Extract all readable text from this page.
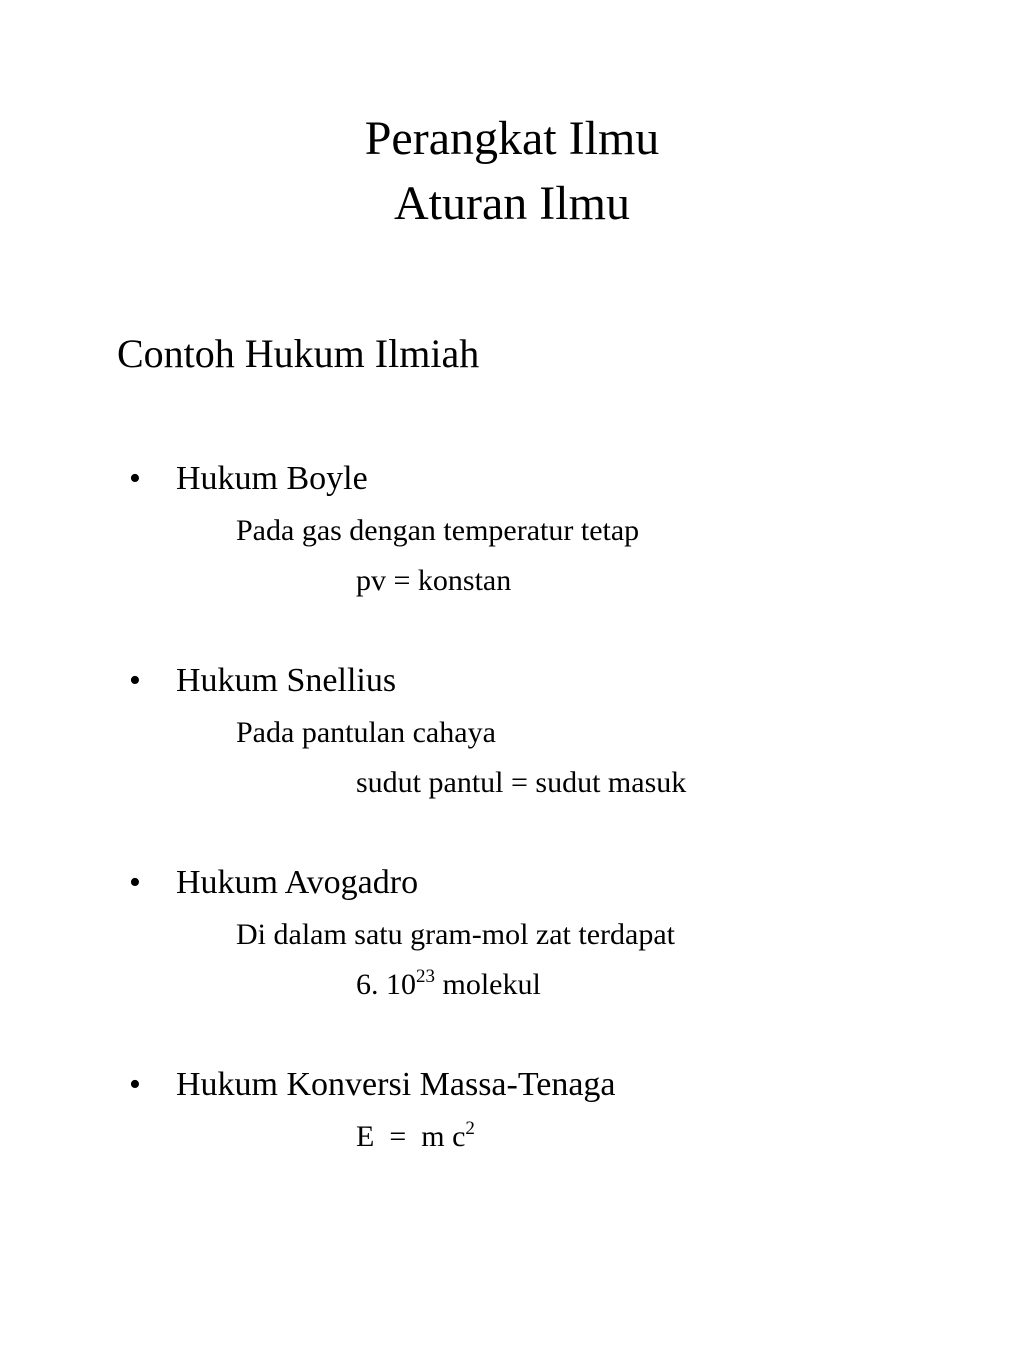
Perangkat Ilmu
Aturan Ilmu
Contoh Hukum Ilmiah
• Hukum Boyle
Pada gas dengan temperatur tetap
pv = konstan
• Hukum Snellius
Pada pantulan cahaya
sudut pantul = sudut masuk
• Hukum Avogadro
Di dalam satu gram-mol zat terdapat
6. $10^{23}$ molekul
• Hukum Konversi Massa-Tenaga
E  =  m $c^2$
